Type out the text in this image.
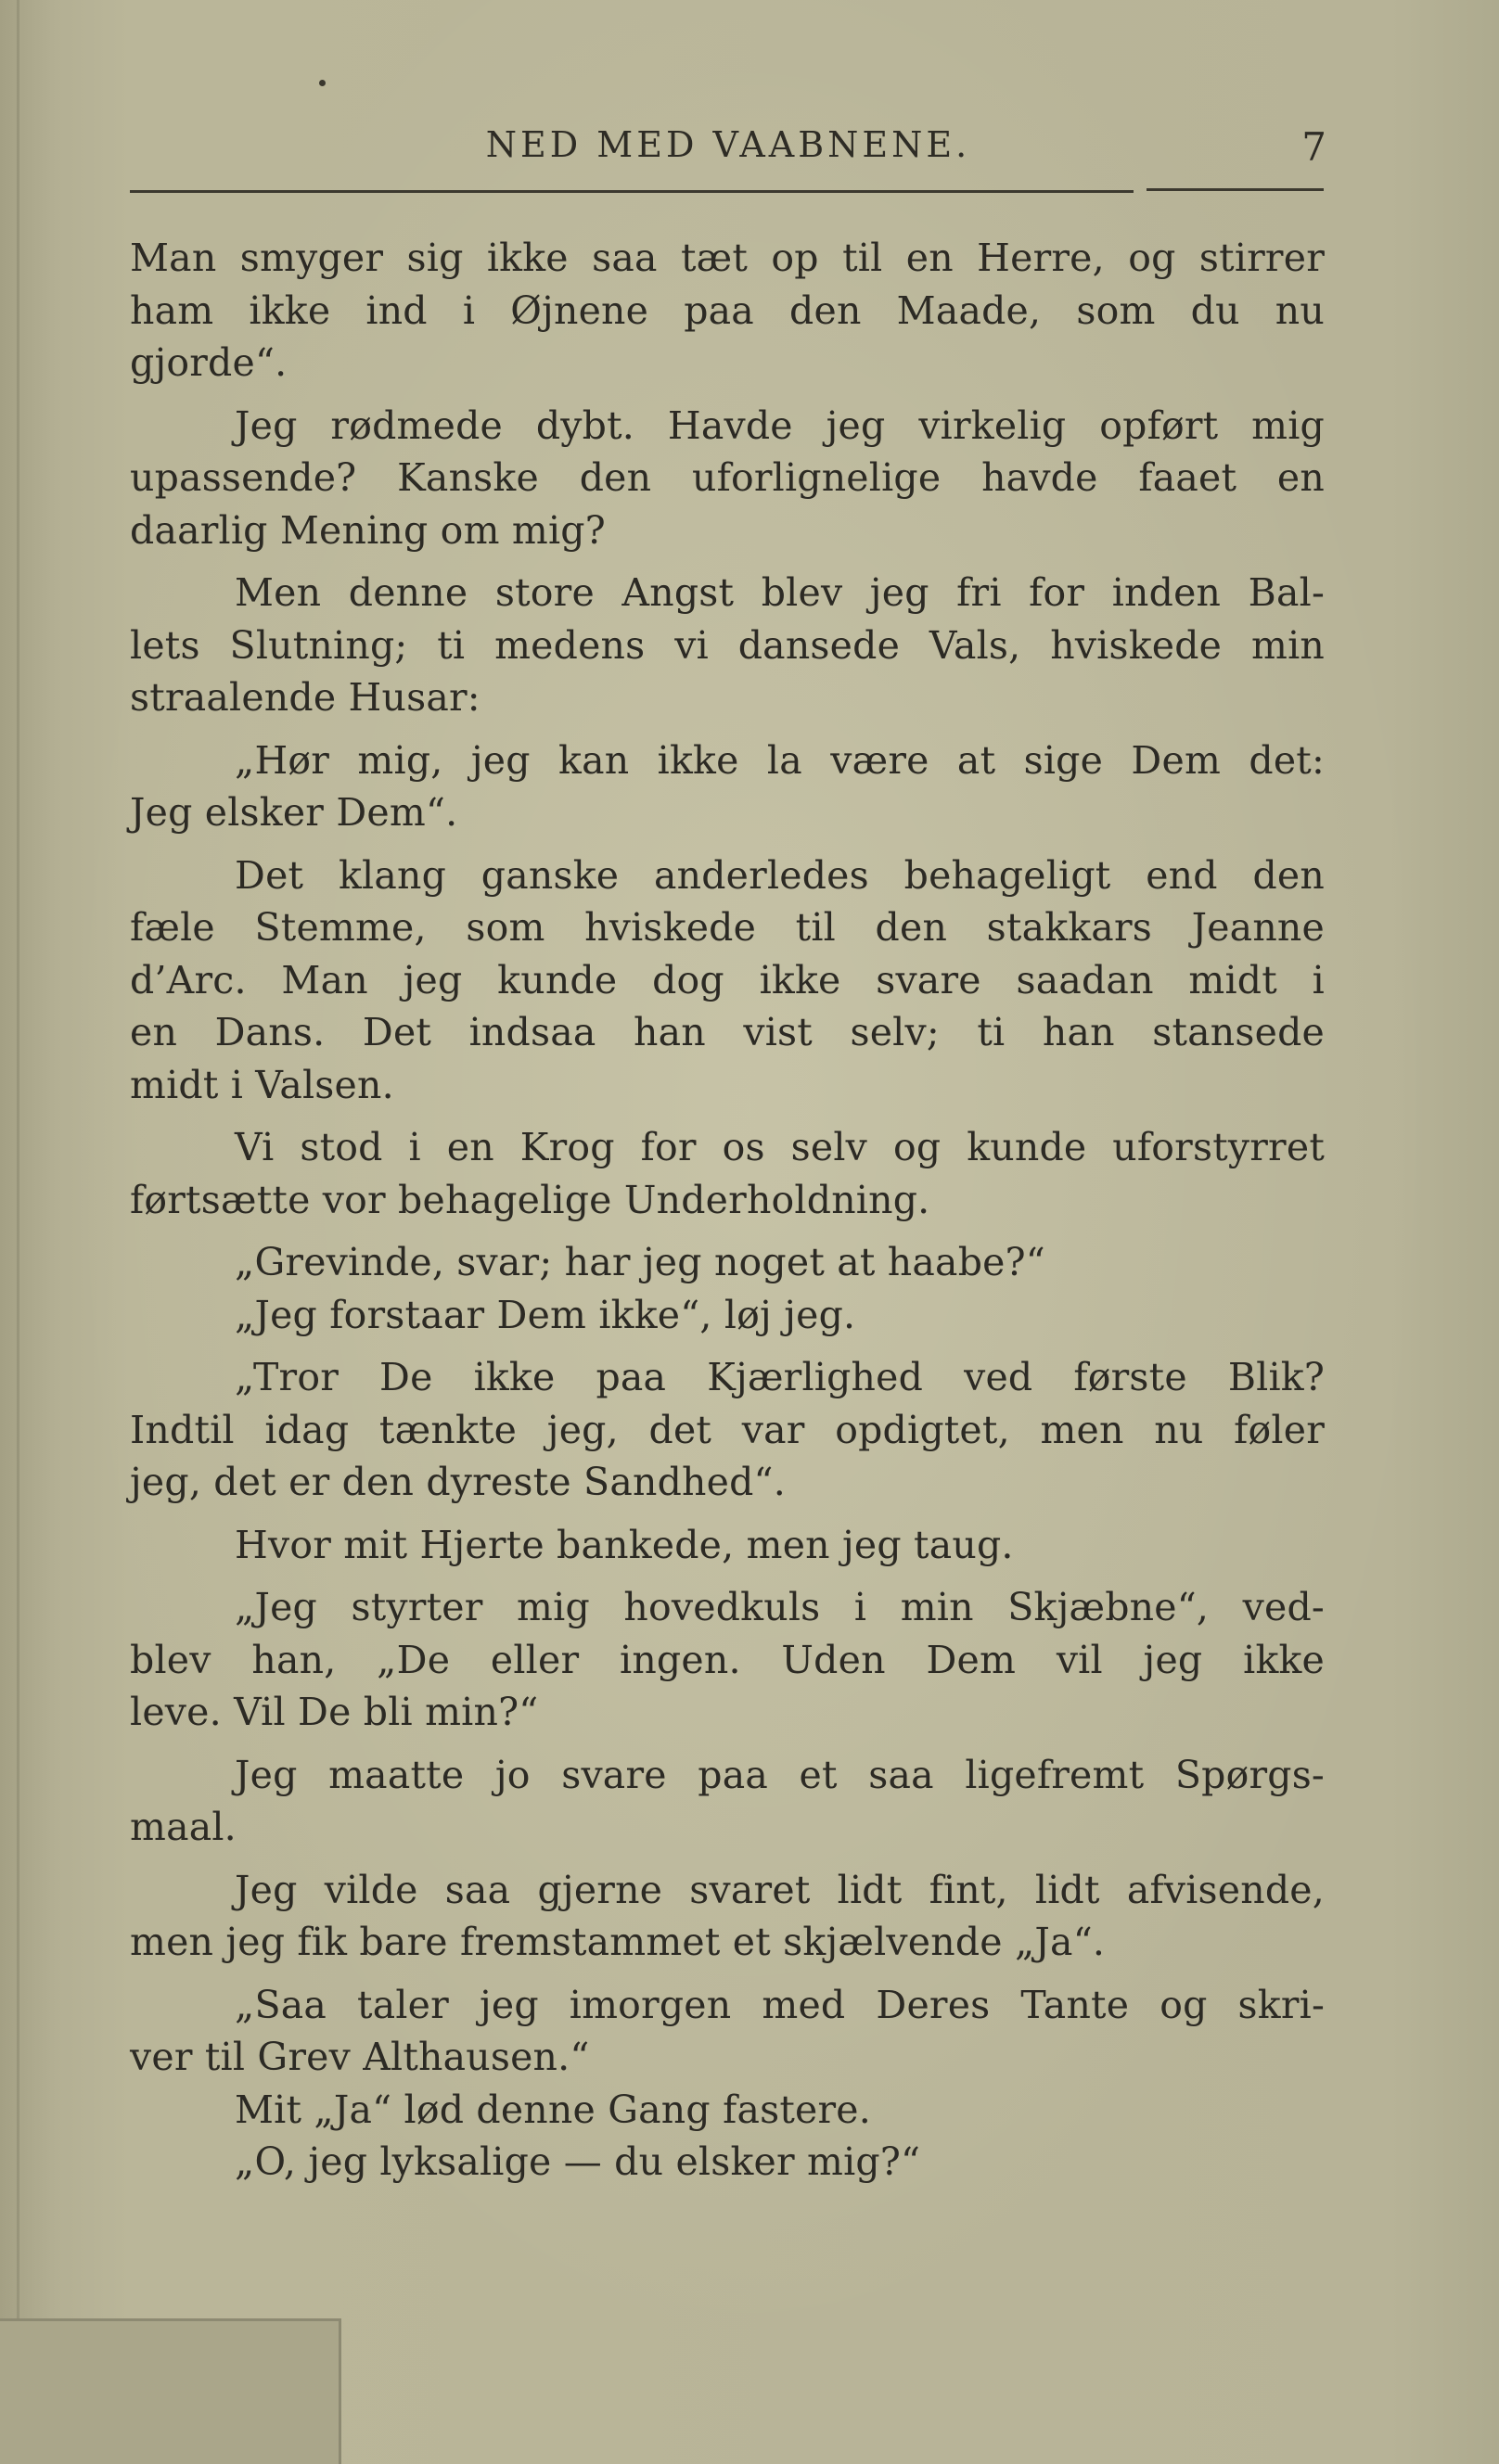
NED MED VAABNENE.	7
Man smyger sig ikke saa tæt op til en Herre, og stirrer
ham ikke ind i Øjnene paa den Maade, som du nu
gjorde“.
Jeg rødmede dybt. Havde jeg virkelig opført mig
upassende? Kanske den uforlignelige havde faaet en
daarlig Mening om mig?
Men denne store Angst blev jeg fri for inden Bal-
lets Slutning; ti medens vi dansede Vals, hviskede min
straalende Husar:
„Hør mig, jeg kan ikke la være at sige Dem det:
Jeg elsker Dem“.
Det klang ganske anderledes behageligt end den
fæle Stemme, som hviskede til den stakkars Jeanne
d’Arc. Man jeg kunde dog ikke svare saadan midt i
en Dans. Det indsaa han vist selv; ti han stansede
midt i Valsen.
Vi stod i en Krog for os selv og kunde uforstyrret
førtsætte vor behagelige Underholdning.
„Grevinde, svar; har jeg noget at haabe?“
„Jeg forstaar Dem ikke“, løj jeg.
„Tror De ikke paa Kjærlighed ved første Blik?
Indtil idag tænkte jeg, det var opdigtet, men nu føler
jeg, det er den dyreste Sandhed“.
Hvor mit Hjerte bankede, men jeg taug.
„Jeg styrter mig hovedkuls i min Skjæbne“, ved-
blev han, „De eller ingen. Uden Dem vil jeg ikke
leve. Vil De bli min?“
Jeg maatte jo svare paa et saa ligefremt Spørgs-
maal.
Jeg vilde saa gjerne svaret lidt fint, lidt afvisende,
men jeg fik bare fremstammet et skjælvende „Ja“.
„Saa taler jeg imorgen med Deres Tante og skri-
ver til Grev Althausen.“
Mit „Ja“ lød denne Gang fastere.
„O, jeg lyksalige — du elsker mig?“
